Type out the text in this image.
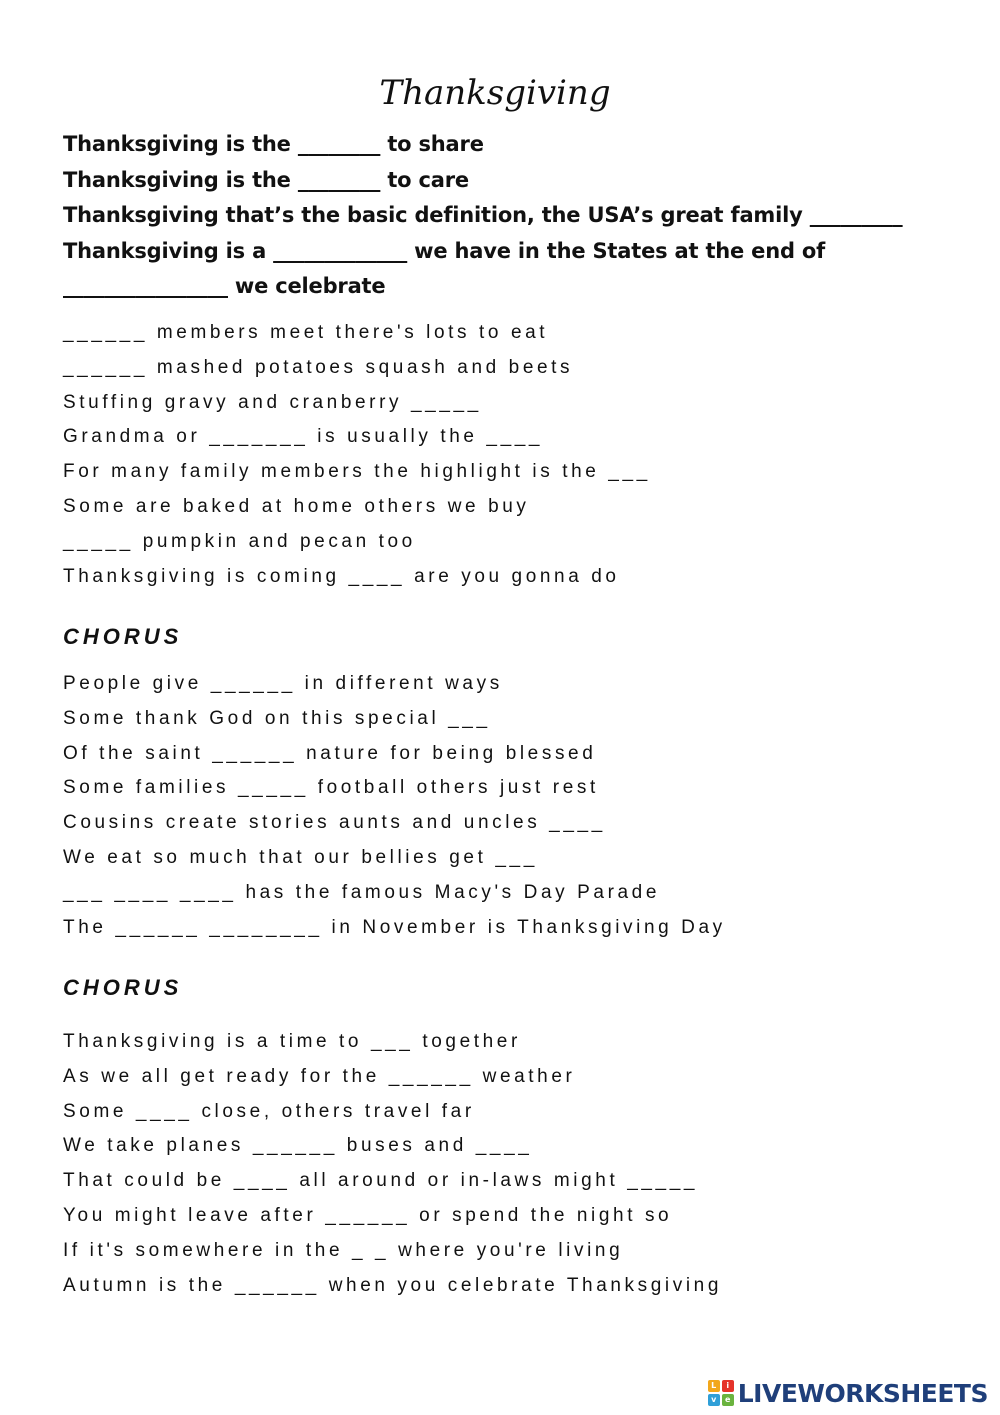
Thanksgiving
Thanksgiving is the ________ to share
Thanksgiving is the ________ to care
Thanksgiving that’s the basic definition, the USA’s great family _________
Thanksgiving is a _____________ we have in the States at the end of
________________ we celebrate
______ members meet there's lots to eat
______ mashed potatoes squash and beets
Stuffing gravy and cranberry _____
Grandma or _______ is usually the ____
For many family members the highlight is the ___
Some are baked at home others we buy
_____ pumpkin and pecan too
Thanksgiving is coming ____ are you gonna do
CHORUS
People give ______ in different ways
Some thank God on this special ___
Of the saint ______ nature for being blessed
Some families _____ football others just rest
Cousins create stories aunts and uncles ____
We eat so much that our bellies get ___
___ ____ ____ has the famous Macy's Day Parade
The ______ ________ in November is Thanksgiving Day
CHORUS
Thanksgiving is a time to ___ together
As we all get ready for the ______ weather
Some ____ close, others travel far
We take planes ______ buses and ____
That could be ____ all around or in-laws might _____
You might leave after ______ or spend the night so
If it's somewhere in the _ _ where you're living
Autumn is the ______ when you celebrate Thanksgiving
L	i
v	e LIVEWORKSHEETS
